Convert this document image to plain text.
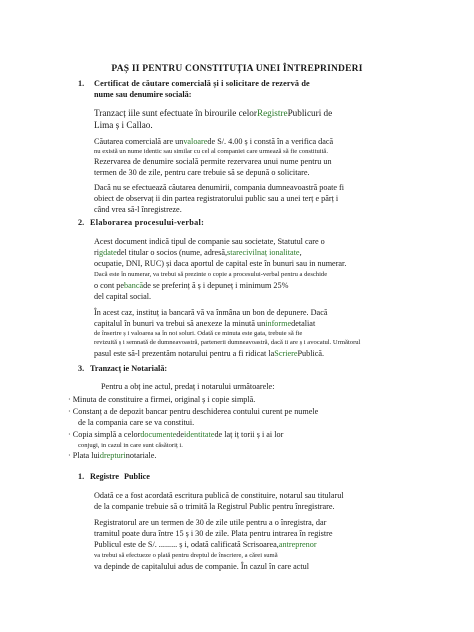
PAȘ II PENTRU CONSTITUȚIA UNEI ÎNTREPRINDERI
1. Certificat de căutare comercială și i solicitare de rezervă de
nume sau denumire socială:
Tranzacț iile sunt efectuate în birourile celorRegistrePublicuri de
Lima ș i Callao.
Căutarea comercială are unvaloarede S/. 4.00 ș i constă în a verifica dacă
nu există un nume identic sau similar cu cel al companiei care urmează să fie constituită.
Rezervarea de denumire socială permite rezervarea unui nume pentru un
termen de 30 de zile, pentru care trebuie să se depună o solicitare.
Dacă nu se efectuează căutarea denumirii, compania dumneavoastră poate fi
obiect de observaț ii din partea registratorului public sau a unei terț e părț i
când vrea să-l înregistreze.
2. Elaborarea procesului-verbal:
Acest document indică tipul de companie sau societate, Statutul care o
rigdatedel titular o socios (nume, adresă,starecivilnaț ionalitate,
ocupatie, DNI, RUC) și daca aportul de capital este în bunuri sau in numerar.
Dacă este în numerar, va trebui să prezinte o copie a procesului-verbal pentru a deschide
o cont pebancăde se preferinț ă ș i depuneț i minimum 25%
del capital social.
În acest caz, instituț ia bancară vă va înmâna un bon de depunere. Dacă
capitalul în bunuri va trebui să anexeze la minută uninformedetaliat
de înserire ș i valoarea sa în noi soluri. Odată ce minuta este gata, trebuie să fie
revizuită ș i semnată de dumneavoastră, partenerii dumneavoastră, dacă ii are ș i avocatul. Următorul
pasul este să-l prezentăm notarului pentru a fi ridicat laScrierePublică.
3. Tranzacț ie Notarială:
Pentru a obț ine actul, predaț i notarului următoarele:
· Minuta de constituire a firmei, original ș i copie simplă.
· Constanț a de depozit bancar pentru deschiderea contului curent pe numele
de la compania care se va constitui.
· Copia simplă a celordocumentedeidentitatede laț iț torii ș i ai lor
conjugi, in cazul in care sunt căsătoriț i.
· Plata luidrepturinotariale.
1. Registre Publice
Odată ce a fost acordată escritura publică de constituire, notarul sau titularul
de la companie trebuie să o trimită la Registrul Public pentru înregistrare.
Registratorul are un termen de 30 de zile utile pentru a o înregistra, dar
tramitul poate dura între 15 ș i 30 de zile. Plata pentru intrarea în registre
Publicul este de S/. ......... ș i, odată calificată Scrisoarea,antreprenor
va trebui să efectueze o plată pentru dreptul de înscriere, a cărei sumă
va depinde de capitalului adus de companie. În cazul în care actul
